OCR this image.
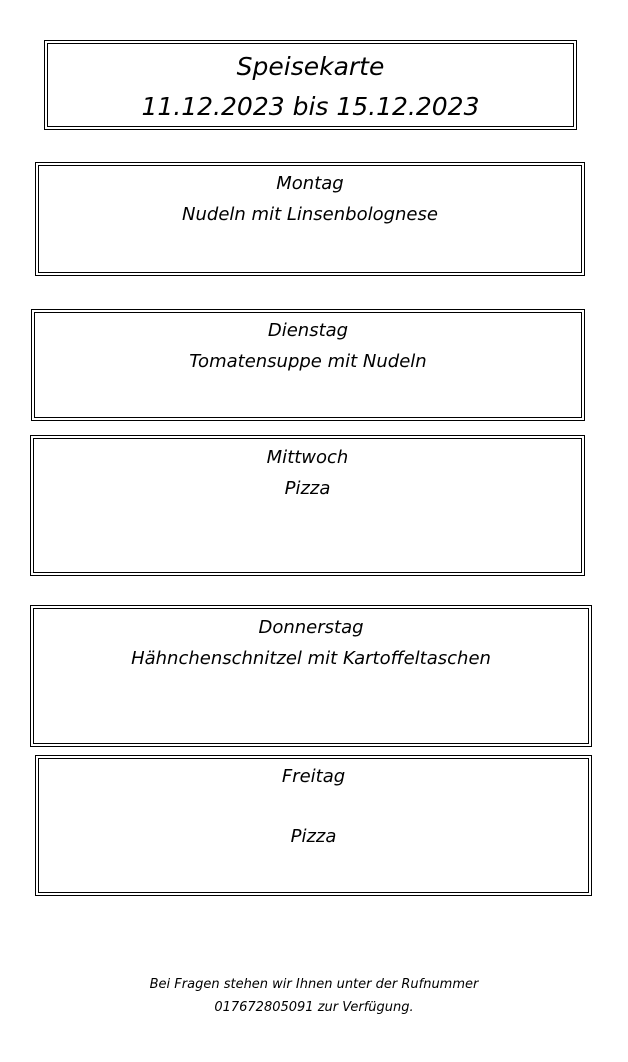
Speisekarte
11.12.2023 bis 15.12.2023
Montag
Nudeln mit Linsenbolognese
Dienstag
Tomatensuppe mit Nudeln
Mittwoch
Pizza
Donnerstag
Hähnchenschnitzel mit Kartoffeltaschen
Freitag
Pizza
Bei Fragen stehen wir Ihnen unter der Rufnummer
017672805091 zur Verfügung.
